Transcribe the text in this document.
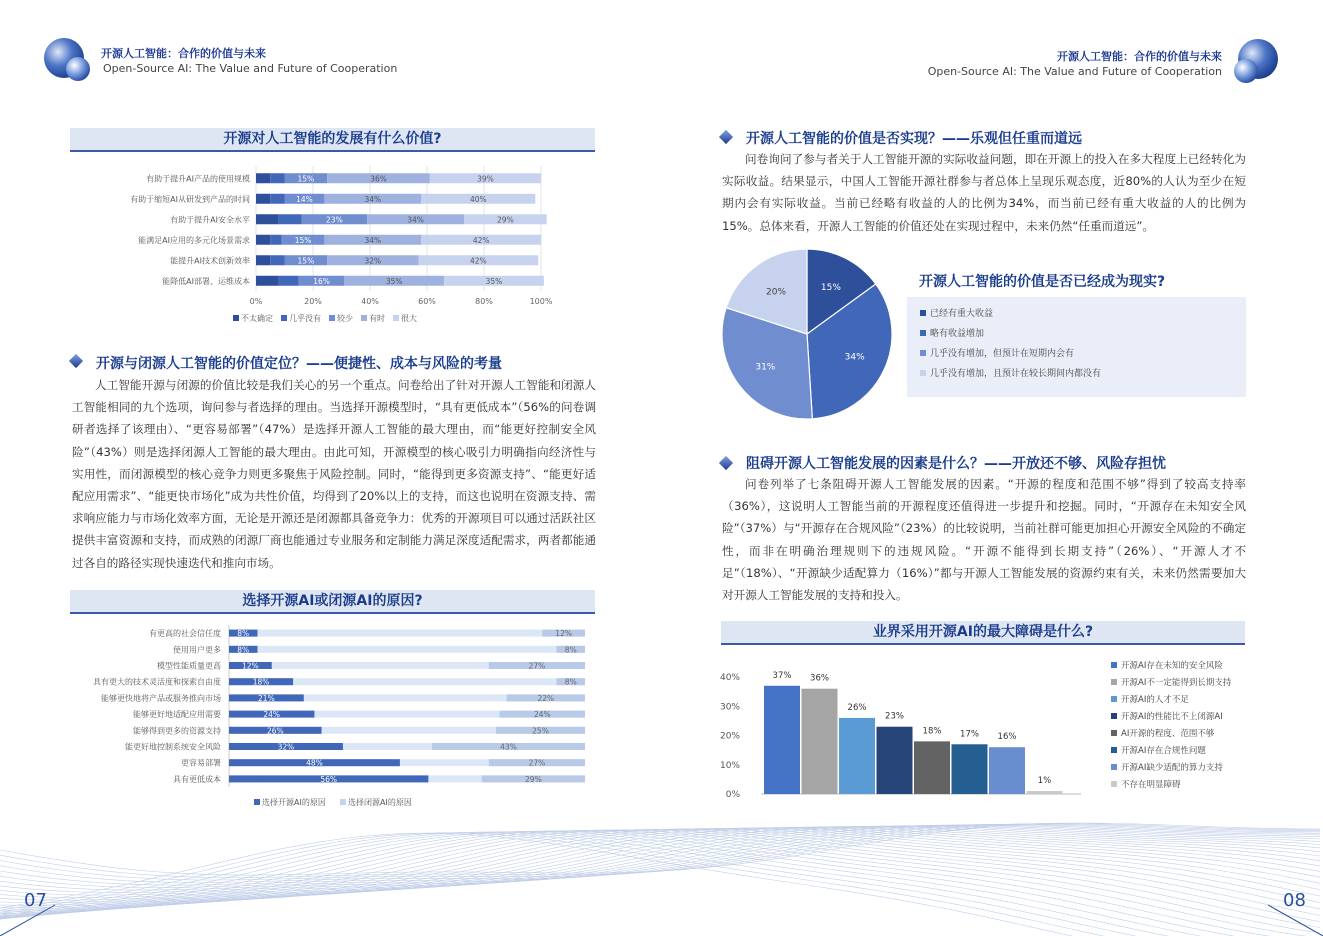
开源人工智能：合作的价值与未来
Open-Source AI: The Value and Future of Cooperation
开源人工智能：合作的价值与未来
Open-Source AI: The Value and Future of Cooperation
开源对人工智能的发展有什么价值?
0%	20%	40%	60%	80%	100%
有助于提升AI产品的使用规模	15%	36%	39%
有助于缩短AI从研发到产品的时间	14%	34%	40%
有助于提升AI安全水平	23%	34%	29%
能满足AI应用的多元化场景需求	15%	34%	42%
能提升AI技术创新效率	15%	32%	42%
能降低AI部署、运维成本	16%	35%	35%
不太确定 几乎没有 较少 有时 很大
开源与闭源人工智能的价值定位？——便捷性、成本与风险的考量
人工智能开源与闭源的价值比较是我们关心的另一个重点。问卷给出了针对开源人工智能和闭源人工智能相同的九个选项，询问参与者选择的理由。当选择开源模型时，“具有更低成本”（56%的问卷调研者选择了该理由）、“更容易部署”（47%）是选择开源人工智能的最大理由，而“能更好控制安全风险”（43%）则是选择闭源人工智能的最大理由。由此可知，开源模型的核心吸引力明确指向经济性与实用性，而闭源模型的核心竞争力则更多聚焦于风险控制。同时，“能得到更多资源支持”、“能更好适配应用需求”、“能更快市场化”成为共性价值，均得到了20%以上的支持，而这也说明在资源支持、需求响应能力与市场化效率方面，无论是开源还是闭源都具备竞争力：优秀的开源项目可以通过活跃社区提供丰富资源和支持，而成熟的闭源厂商也能通过专业服务和定制能力满足深度适配需求，两者都能通过各自的路径实现快速迭代和推向市场。
选择开源AI或闭源AI的原因?
有更高的社会信任度 8%	12%
使用用户更多 8%	8%
模型性能质量更高	12%	27%
具有更大的技术灵活度和探索自由度	18%	8%
能够更快地将产品或服务推向市场	21%	22%
能够更好地适配应用需要	24%	24%
能够得到更多的资源支持	26%	25%
能更好地控制系统安全风险	32%	43%
更容易部署	48%	27%
具有更低成本	56%	29%
选择开源AI的原因	选择闭源AI的原因
07
开源人工智能的价值是否实现？——乐观但任重而道远
问卷询问了参与者关于人工智能开源的实际收益问题，即在开源上的投入在多大程度上已经转化为实际收益。结果显示，中国人工智能开源社群参与者总体上呈现乐观态度，近80%的人认为至少在短期内会有实际收益。当前已经略有收益的人的比例为34%，而当前已经有重大收益的人的比例为15%。总体来看，开源人工智能的价值还处在实现过程中，未来仍然“任重而道远”。
开源人工智能的价值是否已经成为现实?
15%
34%
31%
20%
已经有重大收益
略有收益增加
几乎没有增加，但预计在短期内会有
几乎没有增加，且预计在较长期间内都没有
阻碍开源人工智能发展的因素是什么？——开放还不够、风险存担忧
问卷列举了七条阻碍开源人工智能发展的因素。“开源的程度和范围不够”得到了较高支持率（36%），这说明人工智能当前的开源程度还值得进一步提升和挖掘。同时，“开源存在未知安全风险”（37%）与“开源存在合规风险”（23%）的比较说明，当前社群可能更加担心开源安全风险的不确定性，而非在明确治理规则下的违规风险。“开源不能得到长期支持”（26%）、“开源人才不足”（18%）、“开源缺少适配算力（16%）”都与开源人工智能发展的资源约束有关，未来仍然需要加大对开源人工智能发展的支持和投入。
业界采用开源AI的最大障碍是什么?
0%
10%
20%
30%
40%	37% 36%
26%
23%
18% 17% 16%
1%
开源AI存在未知的安全风险
开源AI不一定能得到长期支持
开源AI的人才不足
开源AI的性能比不上闭源AI
AI开源的程度、范围不够
开源AI存在合规性问题
开源AI缺少适配的算力支持
不存在明显障碍
08
